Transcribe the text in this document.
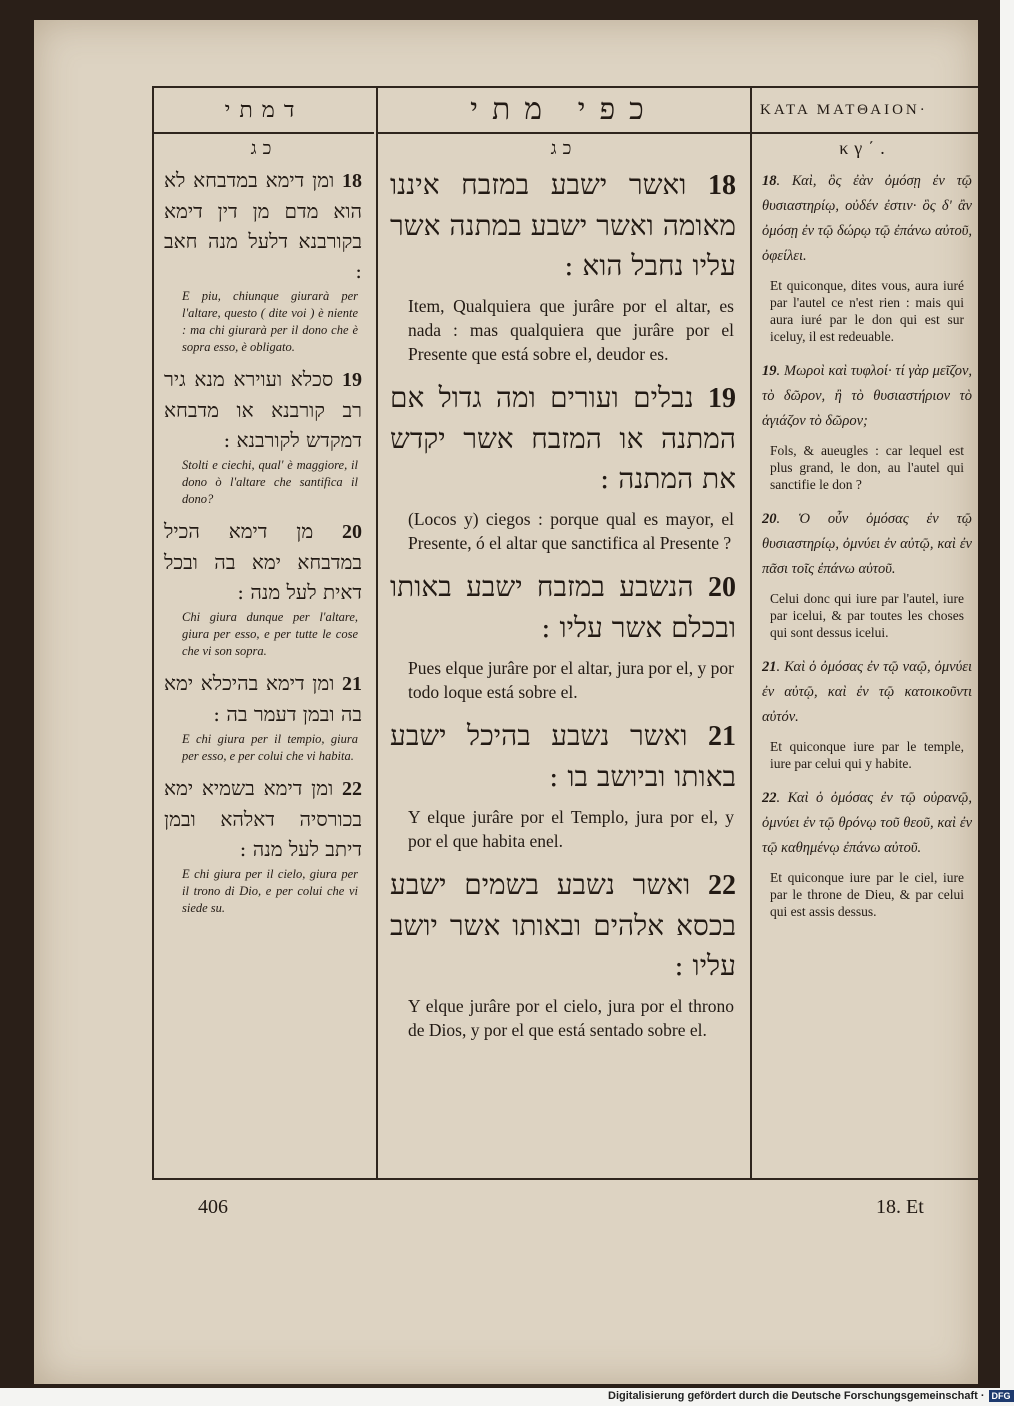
דמתי
כג
18 ומן דימא במדבחא לא הוא מדם מן דין דימא בקורבנא דלעל מנה חאב :
E piu, chiunque giurarà per l'altare, questo ( dite voi ) è niente : ma chi giurarà per il dono che è sopra esso, è obligato.
19 סכלא ועוירא מנא גיר רב קורבנא או מדבחא דמקדש לקורבנא :
Stolti e ciechi, qual' è maggiore, il dono ò l'altare che santifica il dono?
20 מן דימא הכיל במדבחא ימא בה ובכל דאית לעל מנה :
Chi giura dunque per l'altare, giura per esso, e per tutte le cose che vi son sopra.
21 ומן דימא בהיכלא ימא בה ובמן דעמר בה :
E chi giura per il tempio, giura per esso, e per colui che vi habita.
22 ומן דימא בשמיא ימא בכורסיה דאלהא ובמן דיתב לעל מנה :
E chi giura per il cielo, giura per il trono di Dio, e per colui che vi siede su.
כפי מתי
כג
18 ואשר ישבע במזבח איננו מאומה ואשר ישבע במתנה אשר עליו נחבל הוא :
Item, Qualquiera que jurâre por el altar, es nada : mas qualquiera que jurâre por el Presente que está sobre el, deudor es.
19 נבלים ועורים ומה גדול אם המתנה או המזבח אשר יקדש את המתנה :
(Locos y) ciegos : porque qual es mayor, el Presente, ó el altar que sanctifica al Presente ?
20 הנשבע במזבח ישבע באותו ובכלם אשר עליו :
Pues elque jurâre por el altar, jura por el, y por todo loque está sobre el.
21 ואשר נשבע בהיכל ישבע באותו וביושב בו :
Y elque jurâre por el Templo, jura por el, y por el que habita enel.
22 ואשר נשבע בשמים ישבע בכסא אלהים ובאותו אשר יושב עליו :
Y elque jurâre por el cielo, jura por el throno de Dios, y por el que está sentado sobre el.
ΚΑΤΑ ΜΑΤΘΑΙΟΝ·
κγ΄.
18. Καὶ, ὃς ἐὰν ὀμόσῃ ἐν τῷ θυσιαστηρίῳ, οὐδέν ἐστιν· ὃς δ' ἂν ὀμόσῃ ἐν τῷ δώρῳ τῷ ἐπάνω αὐτοῦ, ὀφείλει.
Et quiconque, dites vous, aura iuré par l'autel ce n'est rien : mais qui aura iuré par le don qui est sur iceluy, il est redeuable.
19. Μωροὶ καὶ τυφλοί· τί γὰρ μεῖζον, τὸ δῶρον, ἢ τὸ θυσιαστήριον τὸ ἁγιάζον τὸ δῶρον;
Fols, & aueugles : car lequel est plus grand, le don, au l'autel qui sanctifie le don ?
20. Ὁ οὖν ὀμόσας ἐν τῷ θυσιαστηρίῳ, ὀμνύει ἐν αὐτῷ, καὶ ἐν πᾶσι τοῖς ἐπάνω αὐτοῦ.
Celui donc qui iure par l'autel, iure par icelui, & par toutes les choses qui sont dessus icelui.
21. Καὶ ὁ ὀμόσας ἐν τῷ ναῷ, ὀμνύει ἐν αὐτῷ, καὶ ἐν τῷ κατοικοῦντι αὐτόν.
Et quiconque iure par le temple, iure par celui qui y habite.
22. Καὶ ὁ ὀμόσας ἐν τῷ οὐρανῷ, ὀμνύει ἐν τῷ θρόνῳ τοῦ θεοῦ, καὶ ἐν τῷ καθημένῳ ἐπάνω αὐτοῦ.
Et quiconque iure par le ciel, iure par le throne de Dieu, & par celui qui est assis dessus.
406	18. Et
Digitalisierung gefördert durch die Deutsche Forschungsgemeinschaft · DFG
